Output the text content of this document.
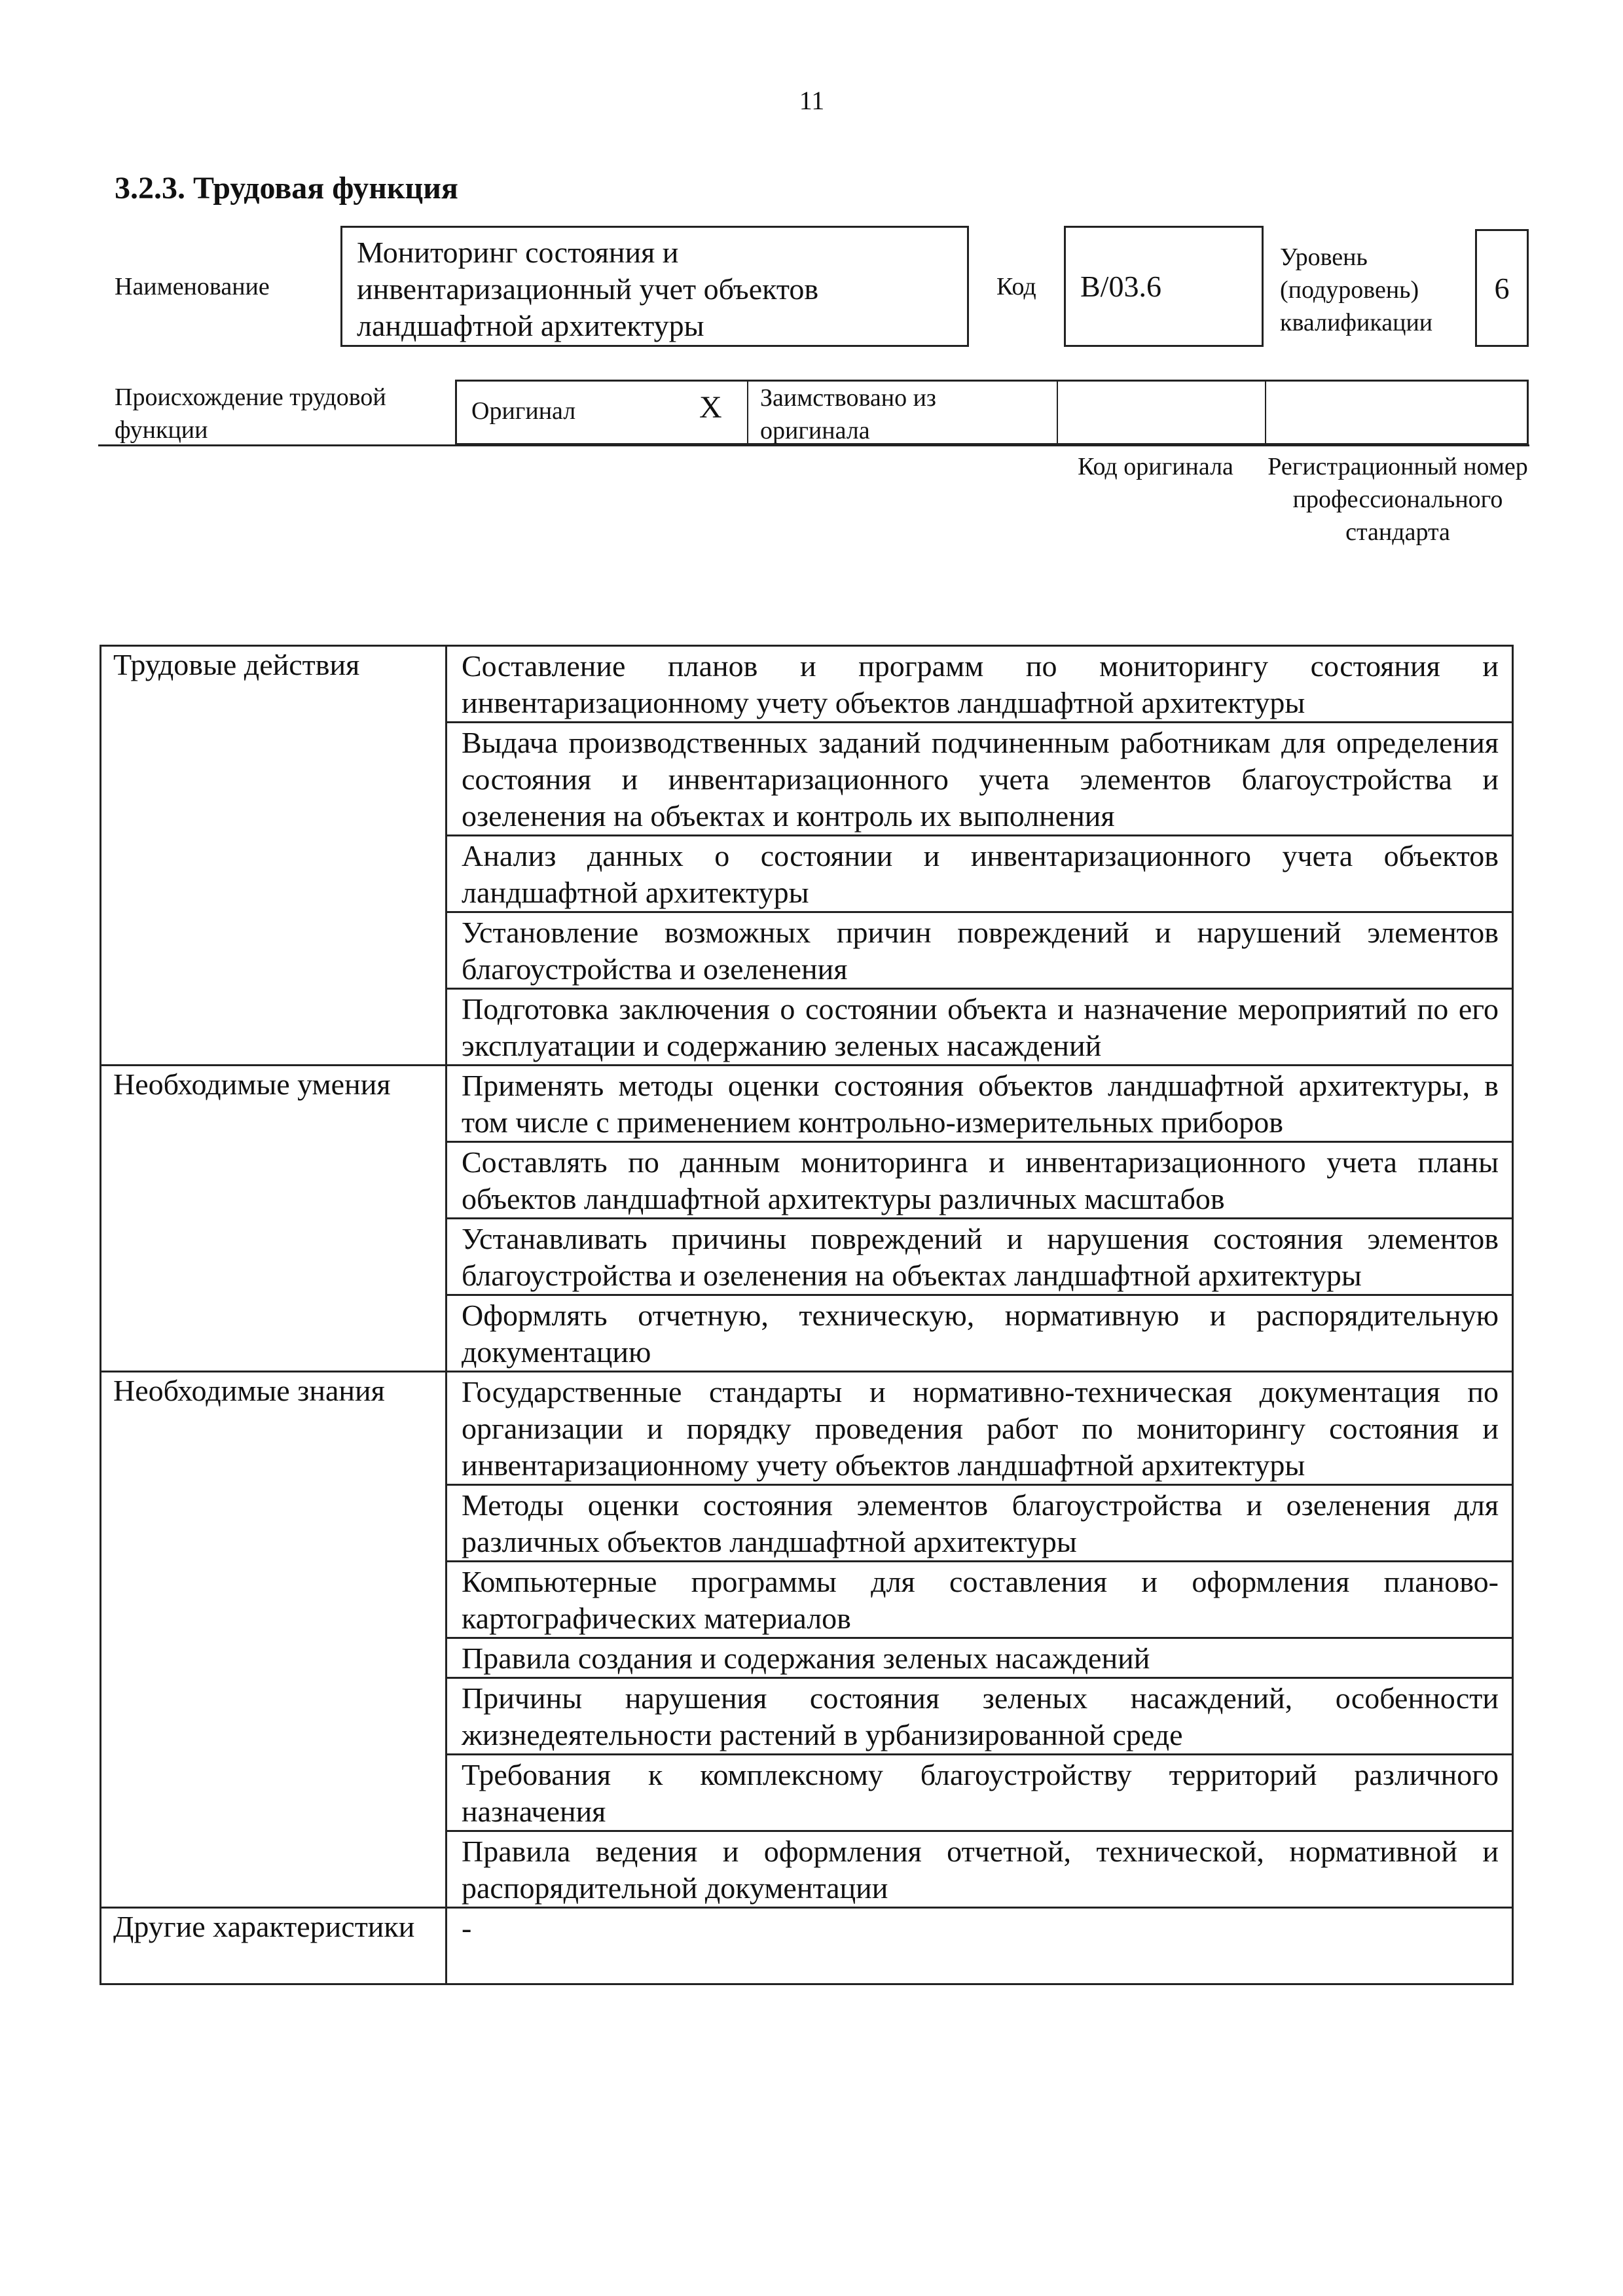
11
3.2.3. Трудовая функция
Наименование
Мониторинг состояния и инвентаризационный учет объектов ландшафтной архитектуры
Код В/03.6
Уровень (подуровень) квалификации
6
Происхождение трудовой функции
Оригинал	X Заимствовано из оригинала
Код оригинала	Регистрационный номер профессионального стандарта
Трудовые действия	Составление планов и программ по мониторингу состояния и инвентаризационному учету объектов ландшафтной архитектуры
	Выдача производственных заданий подчиненным работникам для определения состояния и инвентаризационного учета элементов благоустройства и озеленения на объектах и контроль их выполнения
	Анализ данных о состоянии и инвентаризационного учета объектов ландшафтной архитектуры
	Установление возможных причин повреждений и нарушений элементов благоустройства и озеленения
	Подготовка заключения о состоянии объекта и назначение мероприятий по его эксплуатации и содержанию зеленых насаждений
Необходимые умения	Применять методы оценки состояния объектов ландшафтной архитектуры, в том числе с применением контрольно-измерительных приборов
	Составлять по данным мониторинга и инвентаризационного учета планы объектов ландшафтной архитектуры различных масштабов
	Устанавливать причины повреждений и нарушения состояния элементов благоустройства и озеленения на объектах ландшафтной архитектуры
	Оформлять отчетную, техническую, нормативную и распорядительную документацию
Необходимые знания	Государственные стандарты и нормативно-техническая документация по организации и порядку проведения работ по мониторингу состояния и инвентаризационному учету объектов ландшафтной архитектуры
	Методы оценки состояния элементов благоустройства и озеленения для различных объектов ландшафтной архитектуры
	Компьютерные программы для составления и оформления планово-картографических материалов
	Правила создания и содержания зеленых насаждений
	Причины нарушения состояния зеленых насаждений, особенности жизнедеятельности растений в урбанизированной среде
	Требования к комплексному благоустройству территорий различного назначения
	Правила ведения и оформления отчетной, технической, нормативной и распорядительной документации
Другие характеристики	-
